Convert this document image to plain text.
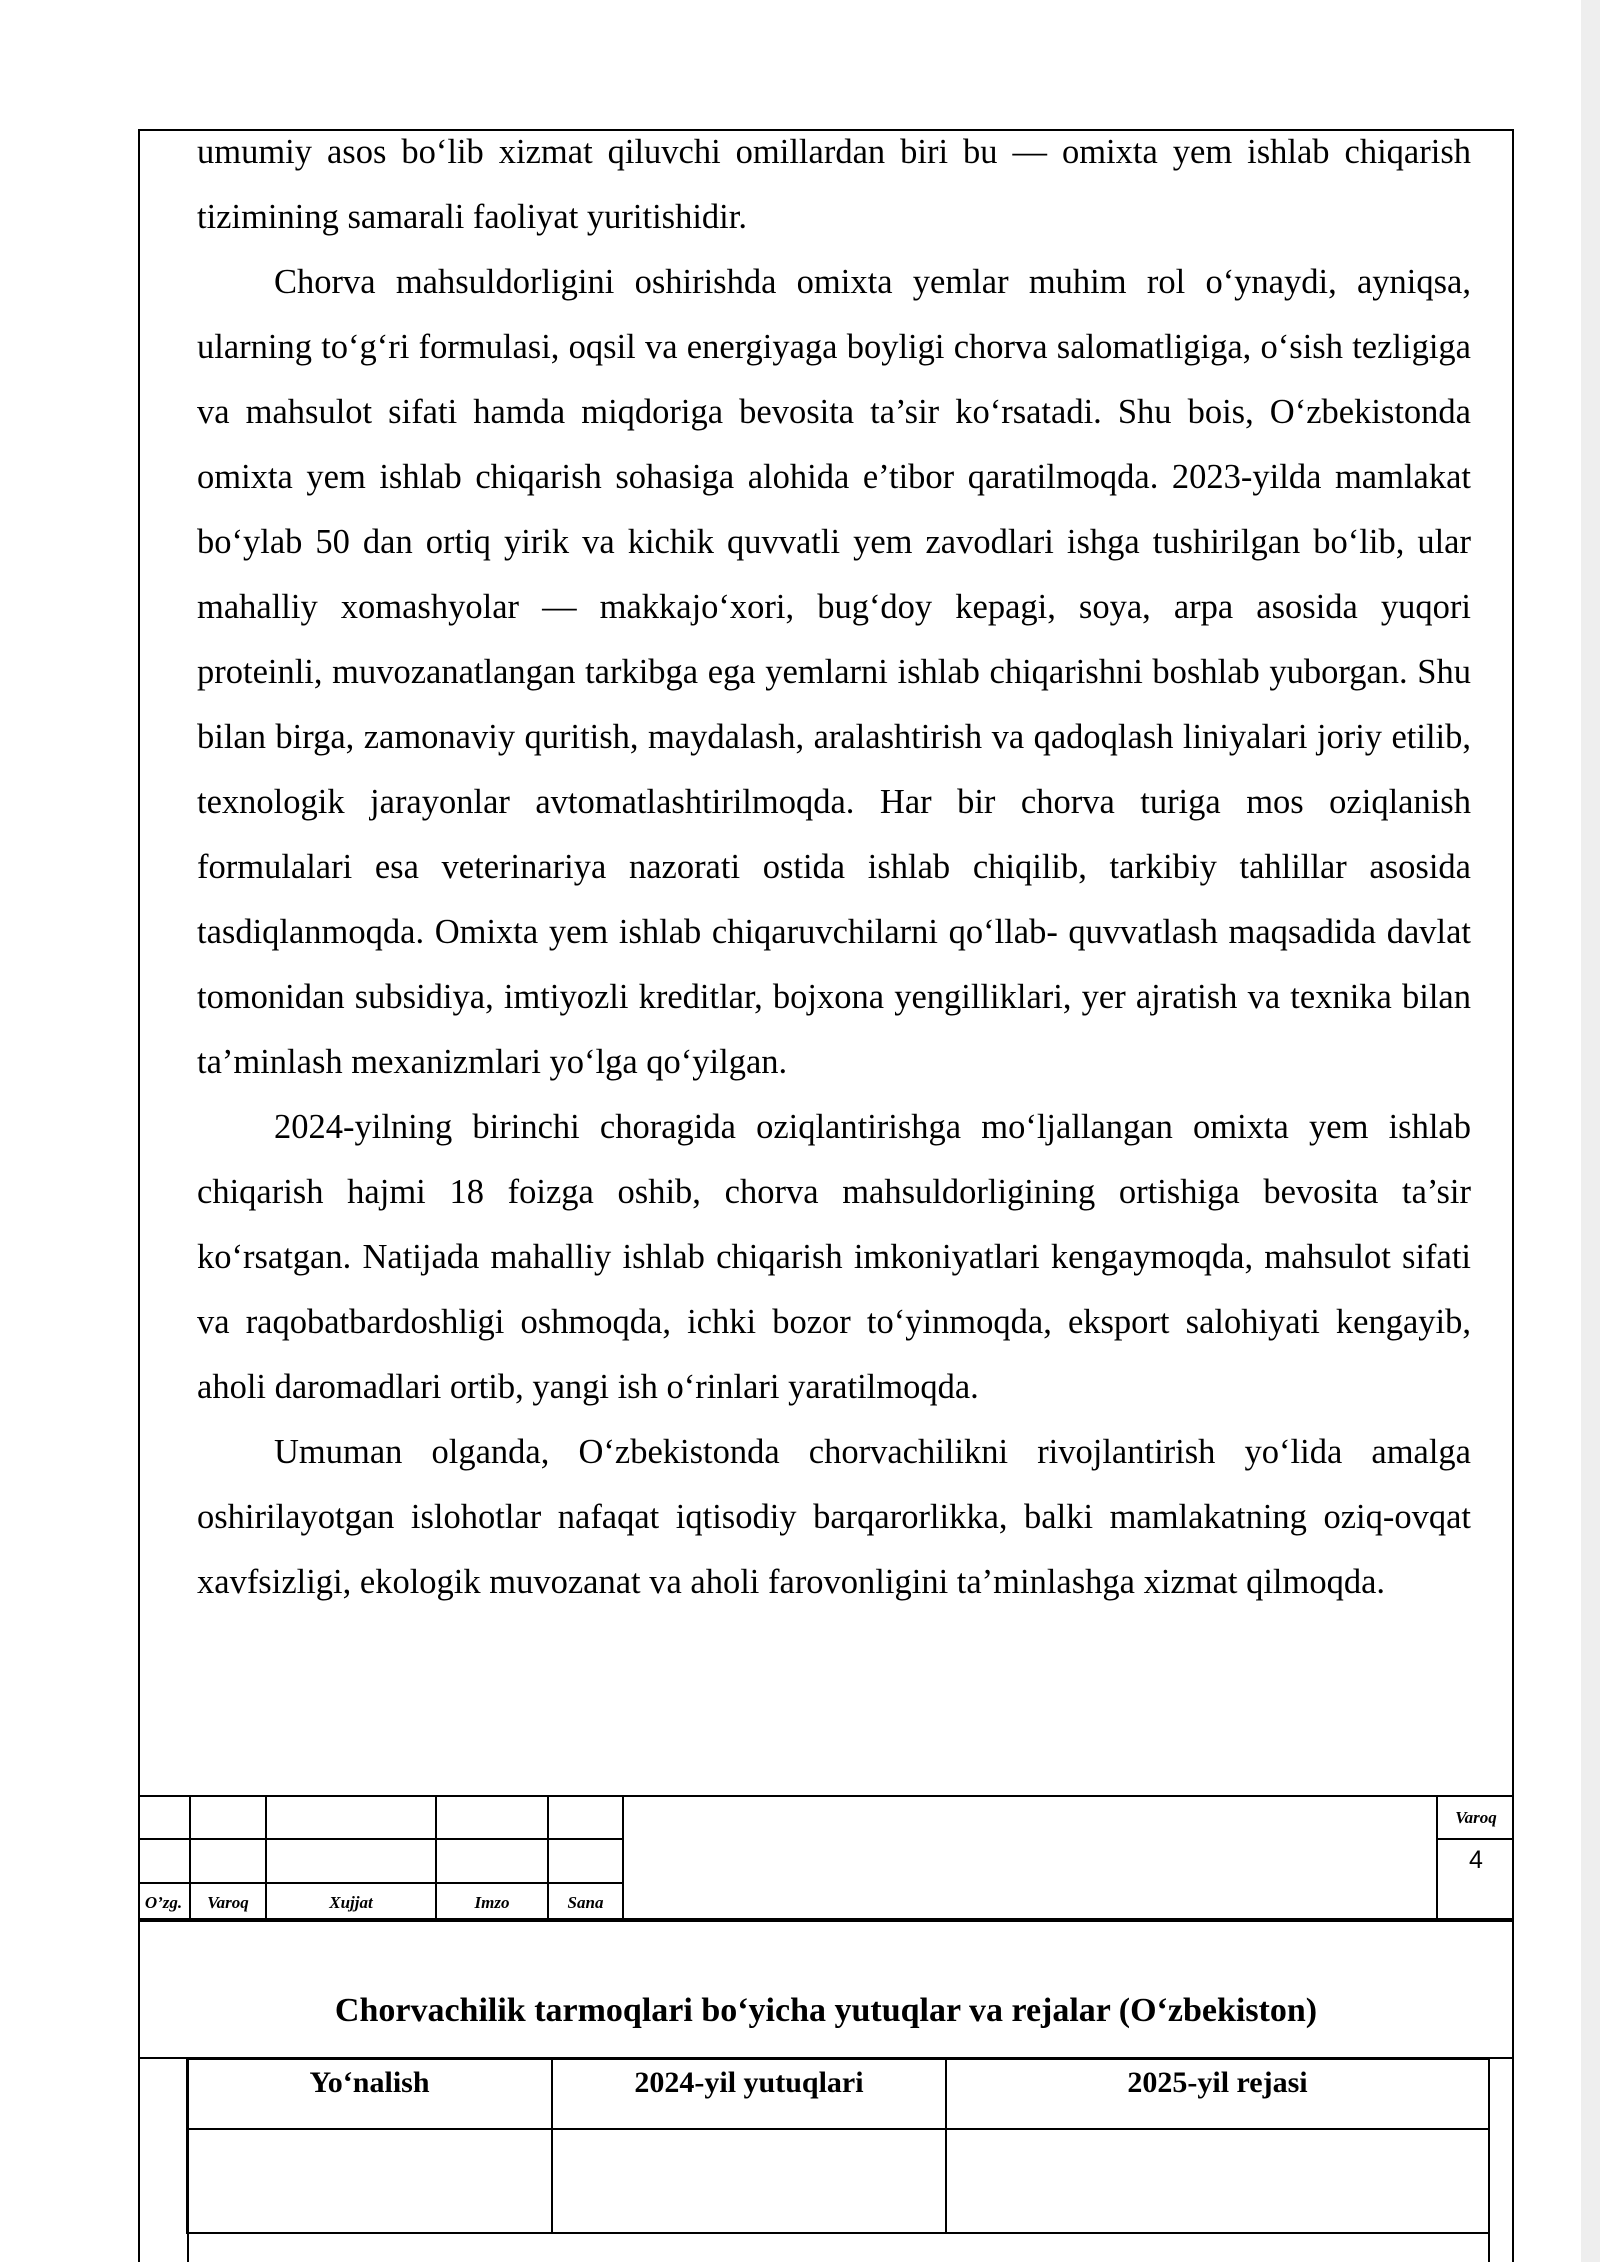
umumiy asos bo‘lib xizmat qiluvchi omillardan biri bu — omixta yem ishlab chiqarish tizimining samarali faoliyat yuritishidir.

Chorva mahsuldorligini oshirishda omixta yemlar muhim rol o‘ynaydi, ayniqsa, ularning to‘g‘ri formulasi, oqsil va energiyaga boyligi chorva salomatligiga, o‘sish tezligiga va mahsulot sifati hamda miqdoriga bevosita ta’sir ko‘rsatadi. Shu bois, O‘zbekistonda omixta yem ishlab chiqarish sohasiga alohida e’tibor qaratilmoqda. 2023-yilda mamlakat bo‘ylab 50 dan ortiq yirik va kichik quvvatli yem zavodlari ishga tushirilgan bo‘lib, ular mahalliy xomashyolar — makkajo‘xori, bug‘doy kepagi, soya, arpa asosida yuqori proteinli, muvozanatlangan tarkibga ega yemlarni ishlab chiqarishni boshlab yuborgan. Shu bilan birga, zamonaviy quritish, maydalash, aralashtirish va qadoqlash liniyalari joriy etilib, texnologik jarayonlar avtomatlashtirilmoqda. Har bir chorva turiga mos oziqlanish formulalari esa veterinariya nazorati ostida ishlab chiqilib, tarkibiy tahlillar asosida tasdiqlanmoqda. Omixta yem ishlab chiqaruvchilarni qo‘llab- quvvatlash maqsadida davlat tomonidan subsidiya, imtiyozli kreditlar, bojxona yengilliklari, yer ajratish va texnika bilan ta’minlash mexanizmlari yo‘lga qo‘yilgan.

2024-yilning birinchi choragida oziqlantirishga mo‘ljallangan omixta yem ishlab chiqarish hajmi 18 foizga oshib, chorva mahsuldorligining ortishiga bevosita ta’sir ko‘rsatgan. Natijada mahalliy ishlab chiqarish imkoniyatlari kengaymoqda, mahsulot sifati va raqobatbardoshligi oshmoqda, ichki bozor to‘yinmoqda, eksport salohiyati kengayib, aholi daromadlari ortib, yangi ish o‘rinlari yaratilmoqda.

Umuman olganda, O‘zbekistonda chorvachilikni rivojlantirish yo‘lida amalga oshirilayotgan islohotlar nafaqat iqtisodiy barqarorlikka, balki mamlakatning oziq-ovqat xavfsizligi, ekologik muvozanat va aholi farovonligini ta’minlashga xizmat qilmoqda.

O’zg.	Varoq	Xujjat	Imzo	Sana
Varoq
4
Chorvachilik tarmoqlari bo‘yicha yutuqlar va rejalar (O‘zbekiston)
Yo‘nalish	2024-yil yutuqlari	2025-yil rejasi
